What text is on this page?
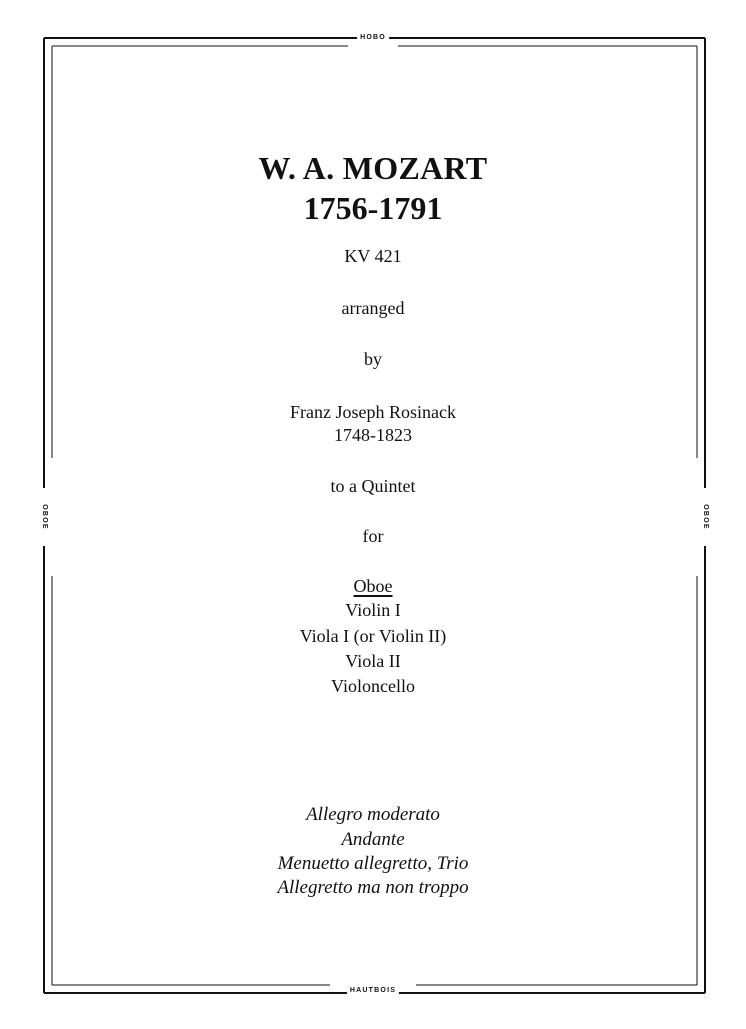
HOBO
HAUTBOIS
OBOE	OBOE
W. A. MOZART
1756-1791
KV 421
arranged
by
Franz Joseph Rosinack
1748-1823
to a Quintet
for
Oboe
Violin I
Viola I (or Violin II)
Viola II
Violoncello
Allegro moderato
Andante
Menuetto allegretto, Trio
Allegretto ma non troppo
